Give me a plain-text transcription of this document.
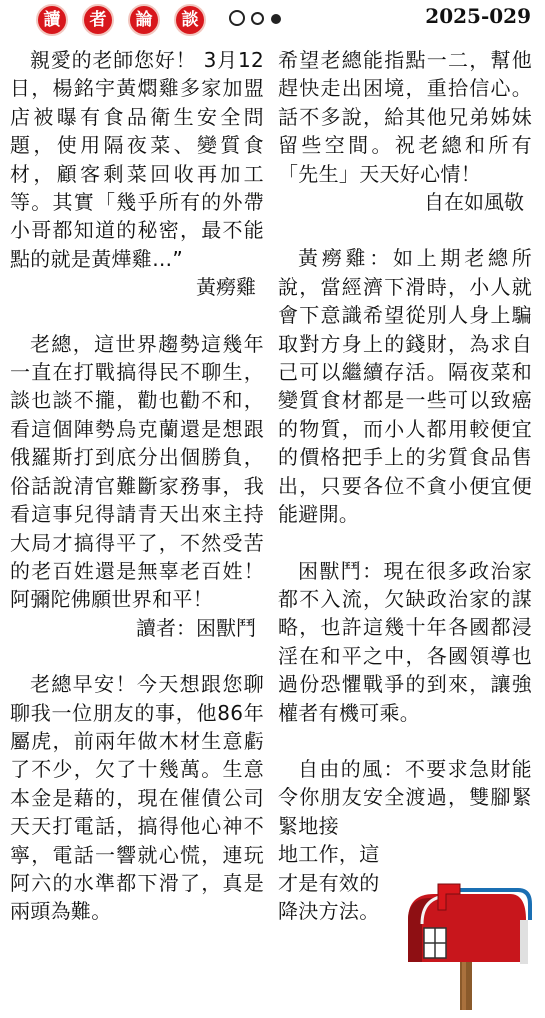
讀	者	論	談	2025-029

親愛的老師您好！ 3月12日，楊銘宇黃燜雞多家加盟店被曝有食品衛生安全問題，使用隔夜菜、變質食材，顧客剩菜回收再加工等。其實「幾乎所有的外帶小哥都知道的秘密，最不能點的就是黃燁雞…”

黃癆雞

老總，這世界趨勢這幾年一直在打戰搞得民不聊生，談也談不攏，勸也勸不和，看這個陣勢烏克蘭還是想跟俄羅斯打到底分出個勝負，俗話說清官難斷家務事，我看這事兒得請青天出來主持大局才搞得平了，不然受苦的老百姓還是無辜老百姓！阿彌陀佛願世界和平！

讀者：困獸鬥

老總早安！今天想跟您聊聊我一位朋友的事，他86年屬虎，前兩年做木材生意虧了不少，欠了十幾萬。生意本金是藉的，現在催債公司天天打電話，搞得他心神不寧，電話一響就心慌，連玩阿六的水準都下滑了，真是兩頭為難。

希望老總能指點一二，幫他趕快走出困境，重拾信心。話不多說，給其他兄弟姊妹留些空間。祝老總和所有「先生」天天好心情！

自在如風敬

黃癆雞：如上期老總所說，當經濟下滑時，小人就會下意識希望從別人身上騙取對方身上的錢財，為求自己可以繼續存活。隔夜菜和變質食材都是一些可以致癌的物質，而小人都用較便宜的價格把手上的劣質食品售出，只要各位不貪小便宜便能避開。

困獸鬥：現在很多政治家都不入流，欠缺政治家的謀略，也許這幾十年各國都浸淫在和平之中，各國領導也過份恐懼戰爭的到來，讓強權者有機可乘。

自由的風：不要求急財能令你朋友安全渡過，雙腳緊緊地接

地工作，這

才是有效的

降決方法。
